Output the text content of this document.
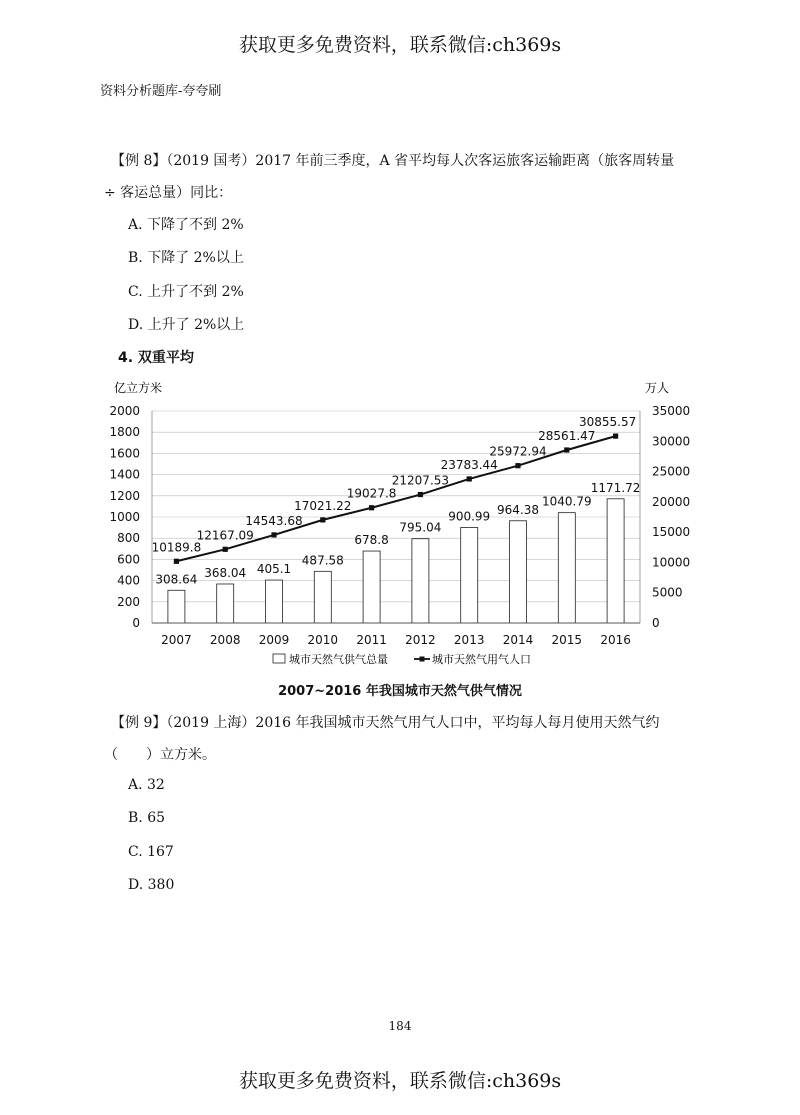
获取更多免费资料，联系微信:ch369s
资料分析题库-夸夸刷
【例 8】（2019 国考）2017 年前三季度，A 省平均每人次客运旅客运输距离（旅客周转量
÷ 客运总量）同比：
A. 下降了不到 2%
B. 下降了 2%以上
C. 上升了不到 2%
D. 上升了 2%以上
4. 双重平均
0
200
400
600
800
1000
1200
1400
1600
1800
2000
0
5000
10000
15000
20000
25000
30000
35000
2007 2008 2009 2010 2011 2012 2013 2014 2015 2016
308.64 368.04 405.1
487.58
678.8
795.04
900.99 964.38
1040.79
1171.72
10189.8
12167.09
14543.68
17021.22
19027.8
21207.53
23783.44
25972.94
28561.47
30855.57
亿立方米	万人
城市天然气供气总量	城市天然气用气人口
2007~2016 年我国城市天然气供气情况
【例 9】（2019 上海）2016 年我国城市天然气用气人口中，平均每人每月使用天然气约
（　　）立方米。
A. 32
B. 65
C. 167
D. 380
184
获取更多免费资料，联系微信:ch369s
